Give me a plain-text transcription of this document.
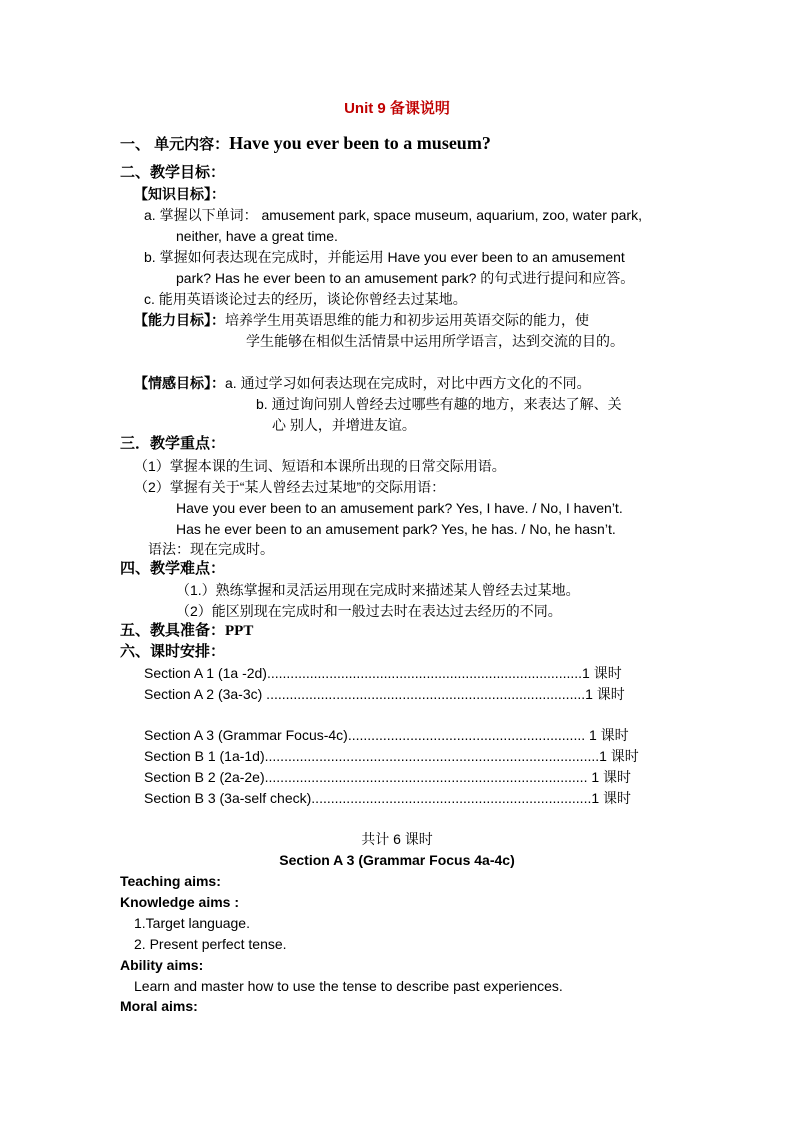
Unit 9 备课说明
一、 单元内容：Have you ever been to a museum?
二、教学目标：
【知识目标】：
a. 掌握以下单词： amusement park, space museum, aquarium, zoo, water park,
neither, have a great time.
b. 掌握如何表达现在完成时，并能运用 Have you ever been to an amusement
park? Has he ever been to an amusement park? 的句式进行提问和应答。
c. 能用英语谈论过去的经历，谈论你曾经去过某地。
【能力目标】：培养学生用英语思维的能力和初步运用英语交际的能力，使
学生能够在相似生活情景中运用所学语言，达到交流的目的。
【情感目标】：a. 通过学习如何表达现在完成时，对比中西方文化的不同。
b. 通过询问别人曾经去过哪些有趣的地方，来表达了解、关
心 别人，并增进友谊。
三．教学重点：
（1）掌握本课的生词、短语和本课所出现的日常交际用语。
（2）掌握有关于“某人曾经去过某地”的交际用语：
Have you ever been to an amusement park? Yes, I have. / No, I haven’t.
Has he ever been to an amusement park? Yes, he has. / No, he hasn’t.
语法：现在完成时。
四、教学难点：
（1.）熟练掌握和灵活运用现在完成时来描述某人曾经去过某地。
（2）能区别现在完成时和一般过去时在表达过去经历的不同。
五、教具准备：PPT
六、课时安排：
Section A 1 (1a -2d).................................................................................1 课时
Section A 2 (3a-3c) ..................................................................................1 课时
Section A 3 (Grammar Focus-4c)............................................................. 1 课时
Section B 1 (1a-1d)......................................................................................1 课时
Section B 2 (2a-2e)................................................................................... 1 课时
Section B 3 (3a-self check)........................................................................1 课时
共计 6 课时
Section A 3 (Grammar Focus 4a-4c)
Teaching aims:
Knowledge aims :
1.Target language.
2. Present perfect tense.
Ability aims:
Learn and master how to use the tense to describe past experiences.
Moral aims:
